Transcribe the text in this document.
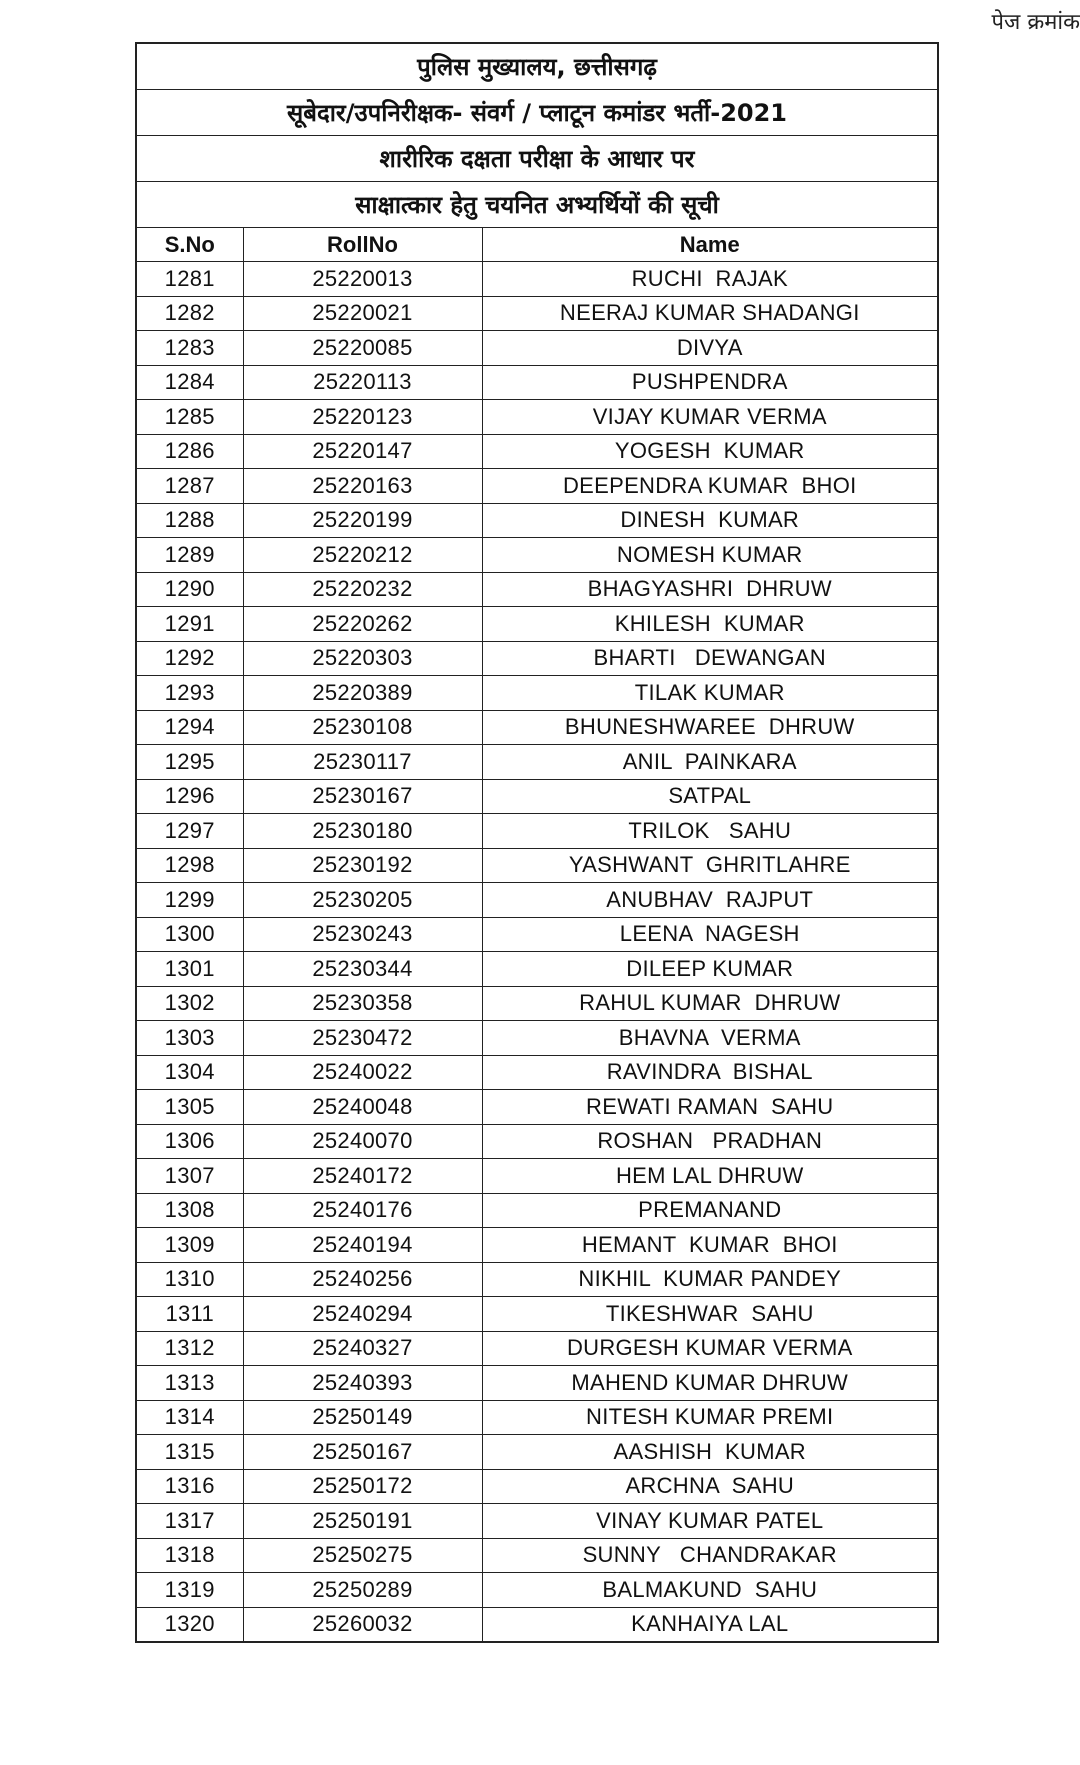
पेज क्रमांक
पुलिस मुख्यालय, छत्तीसगढ़		
सूबेदार/उपनिरीक्षक- संवर्ग / प्लाटून कमांडर भर्ती-2021		
शारीरिक दक्षता परीक्षा के आधार पर		
साक्षात्कार हेतु चयनित अभ्यर्थियों की सूची		
S.No	RollNo	Name
1281	25220013	RUCHI  RAJAK
1282	25220021	NEERAJ KUMAR SHADANGI
1283	25220085	DIVYA
1284	25220113	PUSHPENDRA
1285	25220123	VIJAY KUMAR VERMA
1286	25220147	YOGESH  KUMAR
1287	25220163	DEEPENDRA KUMAR  BHOI
1288	25220199	DINESH  KUMAR
1289	25220212	NOMESH KUMAR
1290	25220232	BHAGYASHRI  DHRUW
1291	25220262	KHILESH  KUMAR
1292	25220303	BHARTI   DEWANGAN
1293	25220389	TILAK KUMAR
1294	25230108	BHUNESHWAREE  DHRUW
1295	25230117	ANIL  PAINKARA
1296	25230167	SATPAL
1297	25230180	TRILOK   SAHU
1298	25230192	YASHWANT  GHRITLAHRE
1299	25230205	ANUBHAV  RAJPUT
1300	25230243	LEENA  NAGESH
1301	25230344	DILEEP KUMAR
1302	25230358	RAHUL KUMAR  DHRUW
1303	25230472	BHAVNA  VERMA
1304	25240022	RAVINDRA  BISHAL
1305	25240048	REWATI RAMAN  SAHU
1306	25240070	ROSHAN   PRADHAN
1307	25240172	HEM LAL DHRUW
1308	25240176	PREMANAND
1309	25240194	HEMANT  KUMAR  BHOI
1310	25240256	NIKHIL  KUMAR PANDEY
1311	25240294	TIKESHWAR  SAHU
1312	25240327	DURGESH KUMAR VERMA
1313	25240393	MAHEND KUMAR DHRUW
1314	25250149	NITESH KUMAR PREMI
1315	25250167	AASHISH  KUMAR
1316	25250172	ARCHNA  SAHU
1317	25250191	VINAY KUMAR PATEL
1318	25250275	SUNNY   CHANDRAKAR
1319	25250289	BALMAKUND  SAHU
1320	25260032	KANHAIYA LAL
